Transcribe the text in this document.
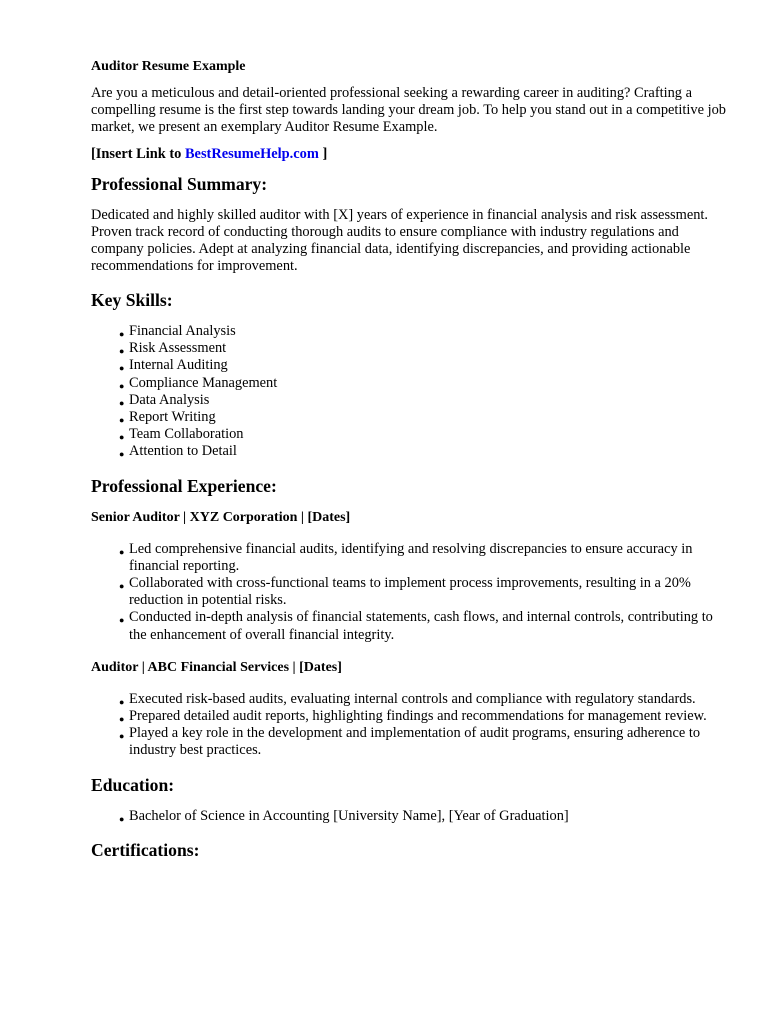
Auditor Resume Example

Are you a meticulous and detail-oriented professional seeking a rewarding career in auditing? Crafting a compelling resume is the first step towards landing your dream job. To help you stand out in a competitive job market, we present an exemplary Auditor Resume Example.

[Insert Link to BestResumeHelp.com ]

Professional Summary:

Dedicated and highly skilled auditor with [X] years of experience in financial analysis and risk assessment. Proven track record of conducting thorough audits to ensure compliance with industry regulations and company policies. Adept at analyzing financial data, identifying discrepancies, and providing actionable recommendations for improvement.

Key Skills:
● Financial Analysis
● Risk Assessment
● Internal Auditing
● Compliance Management
● Data Analysis
● Report Writing
● Team Collaboration
● Attention to Detail
Professional Experience:
Senior Auditor | XYZ Corporation | [Dates]
● Led comprehensive financial audits, identifying and resolving discrepancies to ensure accuracy in financial reporting.
● Collaborated with cross-functional teams to implement process improvements, resulting in a 20% reduction in potential risks.
● Conducted in-depth analysis of financial statements, cash flows, and internal controls, contributing to the enhancement of overall financial integrity.
Auditor | ABC Financial Services | [Dates]
● Executed risk-based audits, evaluating internal controls and compliance with regulatory standards.
● Prepared detailed audit reports, highlighting findings and recommendations for management review.
● Played a key role in the development and implementation of audit programs, ensuring adherence to industry best practices.
Education:
● Bachelor of Science in Accounting [University Name], [Year of Graduation]
Certifications:
